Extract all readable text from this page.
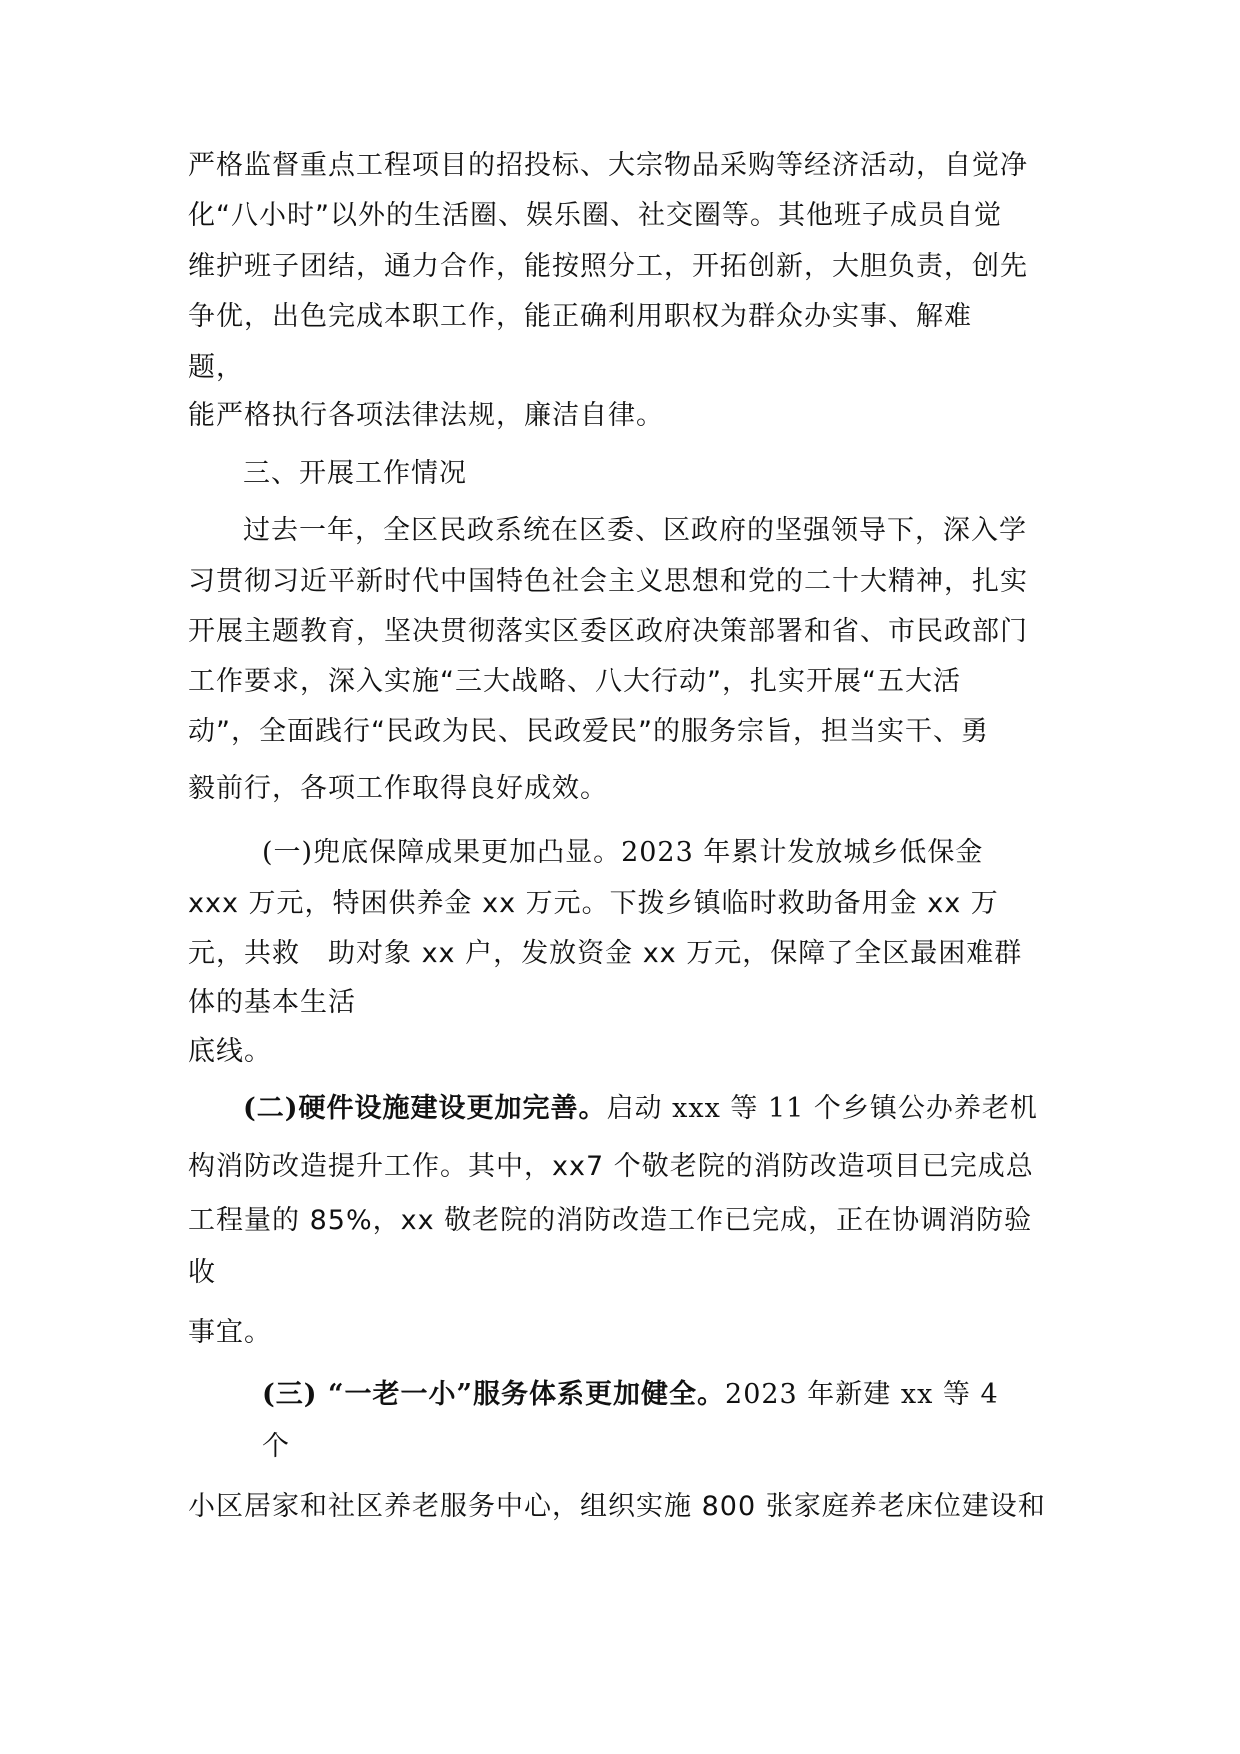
严格监督重点工程项目的招投标、大宗物品采购等经济活动，自觉净
化“八小时”以外的生活圈、娱乐圈、社交圈等。其他班子成员自觉
维护班子团结，通力合作，能按照分工，开拓创新，大胆负责，创先
争优，出色完成本职工作，能正确利用职权为群众办实事、解难
题，
能严格执行各项法律法规，廉洁自律。
三、开展工作情况
过去一年，全区民政系统在区委、区政府的坚强领导下，深入学
习贯彻习近平新时代中国特色社会主义思想和党的二十大精神，扎实
开展主题教育，坚决贯彻落实区委区政府决策部署和省、市民政部门
工作要求，深入实施“三大战略、八大行动”，扎实开展“五大活
动”，全面践行“民政为民、民政爱民”的服务宗旨，担当实干、勇
毅前行，各项工作取得良好成效。
(一)兜底保障成果更加凸显。2023 年累计发放城乡低保金
xxx 万元，特困供养金 xx 万元。下拨乡镇临时救助备用金 xx 万
元，共救　助对象 xx 户，发放资金 xx 万元，保障了全区最困难群
体的基本生活
底线。
(二)硬件设施建设更加完善。启动 xxx 等 11 个乡镇公办养老机
构消防改造提升工作。其中，xx7 个敬老院的消防改造项目已完成总
工程量的 85%，xx 敬老院的消防改造工作已完成，正在协调消防验
收
事宜。
(三) “一老一小”服务体系更加健全。2023 年新建 xx 等 4
个
小区居家和社区养老服务中心，组织实施 800 张家庭养老床位建设和
